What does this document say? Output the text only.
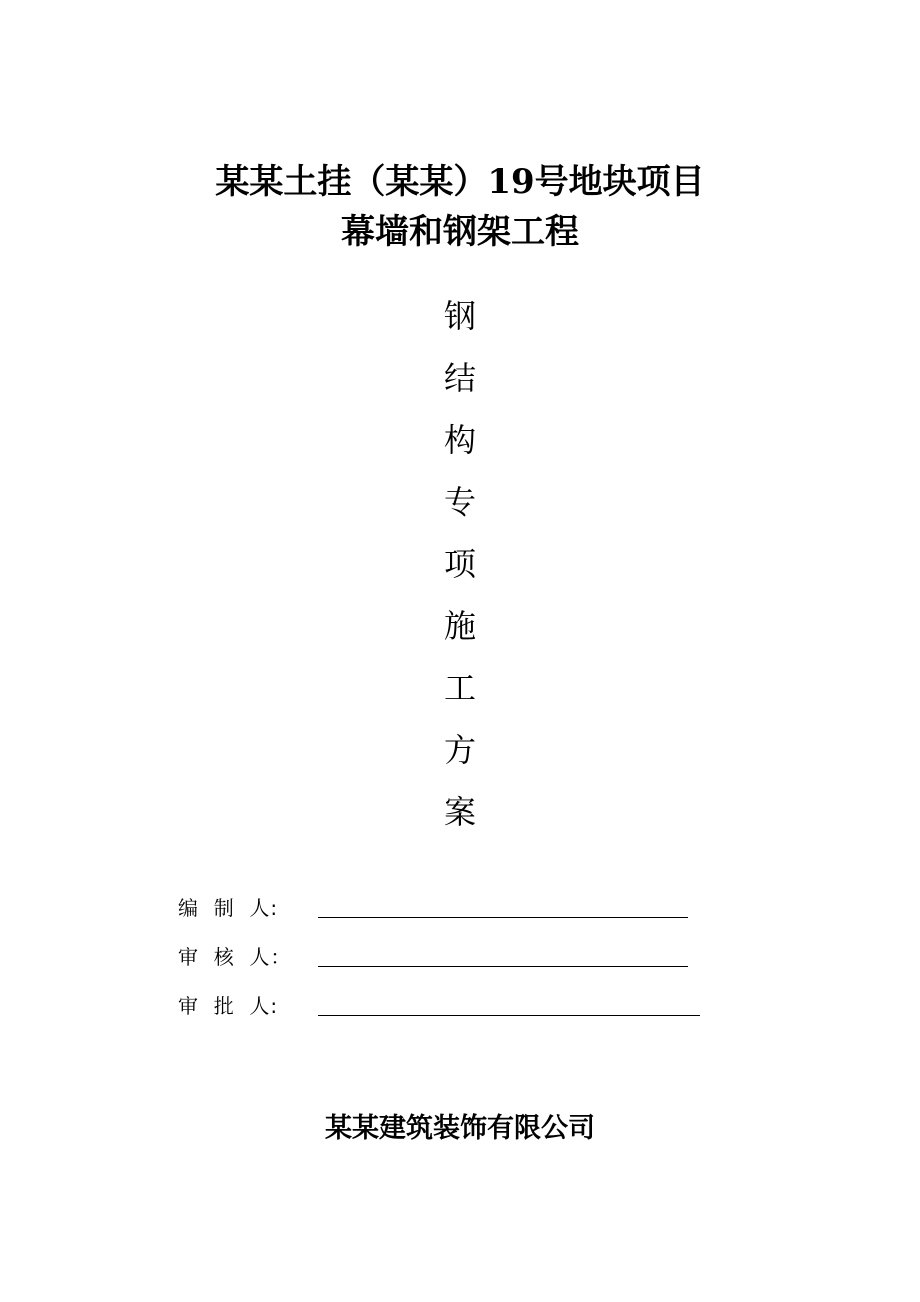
某某土挂（某某）19号地块项目
幕墙和钢架工程
钢
结
构
专
项
施
工
方
案
编  制  人:
审  核  人：
审  批  人:
某某建筑装饰有限公司
